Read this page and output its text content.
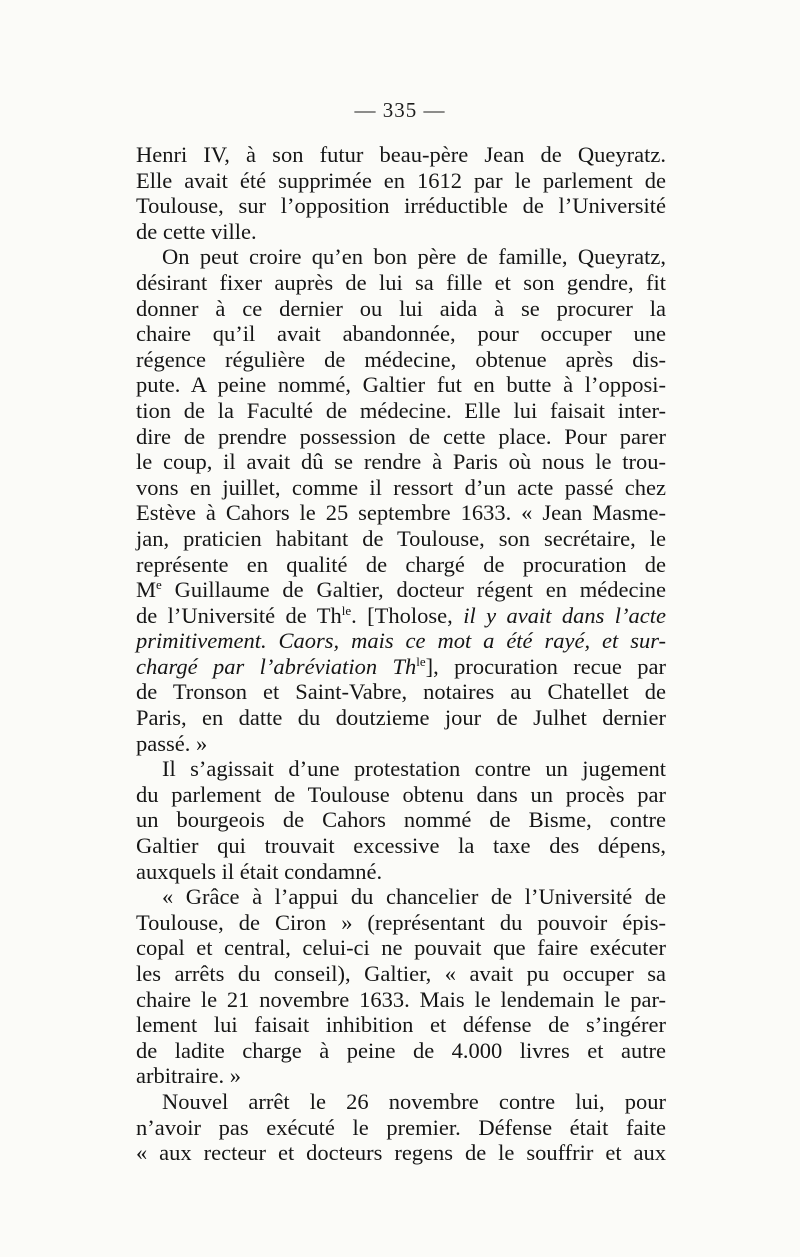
— 335 —
Henri IV, à son futur beau-père Jean de Queyratz.
Elle avait été supprimée en 1612 par le parlement de
Toulouse, sur l’opposition irréductible de l’Université
de cette ville.
On peut croire qu’en bon père de famille, Queyratz,
désirant fixer auprès de lui sa fille et son gendre, fit
donner à ce dernier ou lui aida à se procurer la
chaire qu’il avait abandonnée, pour occuper une
régence régulière de médecine, obtenue après dis-
pute. A peine nommé, Galtier fut en butte à l’opposi-
tion de la Faculté de médecine. Elle lui faisait inter-
dire de prendre possession de cette place. Pour parer
le coup, il avait dû se rendre à Paris où nous le trou-
vons en juillet, comme il ressort d’un acte passé chez
Estève à Cahors le 25 septembre 1633. « Jean Masme-
jan, praticien habitant de Toulouse, son secrétaire, le
représente en qualité de chargé de procuration de
Me Guillaume de Galtier, docteur régent en médecine
de l’Université de $Th^{le}$. [Tholose, il y avait dans l’acte
primitivement. Caors, mais ce mot a été rayé, et sur-
chargé par l’abréviation $Th^{le}$], procuration recue par
de Tronson et Saint-Vabre, notaires au Chatellet de
Paris, en datte du doutzieme jour de Julhet dernier
passé. »
Il s’agissait d’une protestation contre un jugement
du parlement de Toulouse obtenu dans un procès par
un bourgeois de Cahors nommé de Bisme, contre
Galtier qui trouvait excessive la taxe des dépens,
auxquels il était condamné.
« Grâce à l’appui du chancelier de l’Université de
Toulouse, de Ciron » (représentant du pouvoir épis-
copal et central, celui-ci ne pouvait que faire exécuter
les arrêts du conseil), Galtier, « avait pu occuper sa
chaire le 21 novembre 1633. Mais le lendemain le par-
lement lui faisait inhibition et défense de s’ingérer
de ladite charge à peine de 4.000 livres et autre
arbitraire. »
Nouvel arrêt le 26 novembre contre lui, pour
n’avoir pas exécuté le premier. Défense était faite
« aux recteur et docteurs regens de le souffrir et aux
